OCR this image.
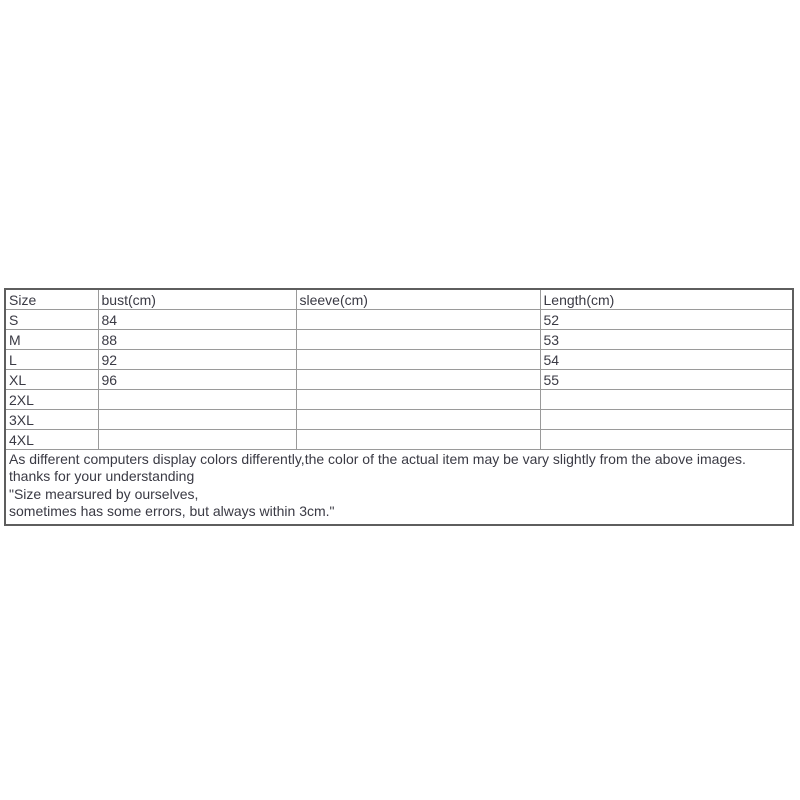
Size	bust(cm)	sleeve(cm)	Length(cm)
S	84		52
M	88		53
L	92		54
XL	96		55
2XL			
3XL			
4XL			

As different computers display colors differently,the color of the actual item may be vary slightly from the above images.
thanks for your understanding
"Size mearsured by ourselves,
sometimes has some errors, but always within 3cm."			
